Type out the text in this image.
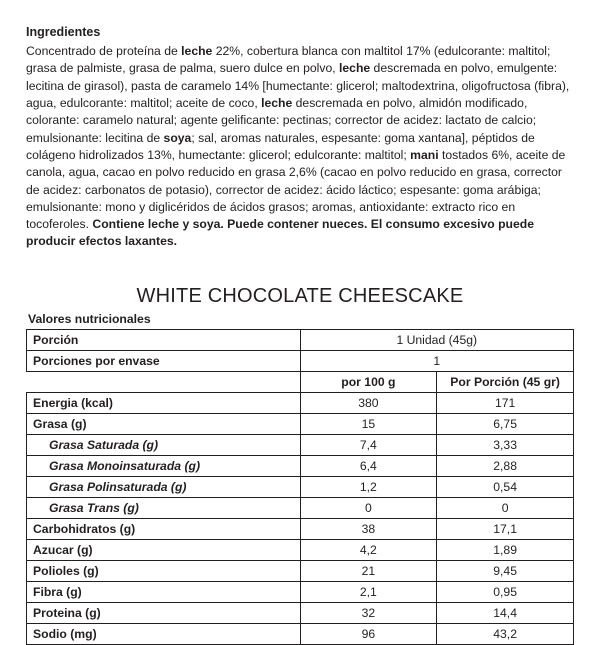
Ingredientes
Concentrado de proteína de leche 22%, cobertura blanca con maltitol 17% (edulcorante: maltitol; grasa de palmiste, grasa de palma, suero dulce en polvo, leche descremada en polvo, emulgente: lecitina de girasol), pasta de caramelo 14% [humectante: glicerol; maltodextrina, oligofructosa (fibra), agua, edulcorante: maltitol; aceite de coco, leche descremada en polvo, almidón modificado, colorante: caramelo natural; agente gelificante: pectinas; corrector de acidez: lactato de calcio; emulsionante: lecitina de soya; sal, aromas naturales, espesante: goma xantana], péptidos de colágeno hidrolizados 13%, humectante: glicerol; edulcorante: maltitol; mani tostados 6%, aceite de canola, agua, cacao en polvo reducido en grasa 2,6% (cacao en polvo reducido en grasa, corrector de acidez: carbonatos de potasio), corrector de acidez: ácido láctico; espesante: goma arábiga; emulsionante: mono y diglicéridos de ácidos grasos; aromas, antioxidante: extracto rico en tocoferoles. Contiene leche y soya. Puede contener nueces. El consumo excesivo puede producir efectos laxantes.
WHITE CHOCOLATE CHEESCAKE
Valores nutricionales
Porción	1 Unidad (45g)	
Porciones por envase	1	
	por 100 g	Por Porción (45 gr)
Energia (kcal)	380	171
Grasa (g)	15	6,75
Grasa Saturada (g)	7,4	3,33
Grasa Monoinsaturada (g)	6,4	2,88
Grasa Polinsaturada (g)	1,2	0,54
Grasa Trans (g)	0	0
Carbohidratos (g)	38	17,1
Azucar (g)	4,2	1,89
Polioles (g)	21	9,45
Fibra (g)	2,1	0,95
Proteina (g)	32	14,4
Sodio (mg)	96	43,2
